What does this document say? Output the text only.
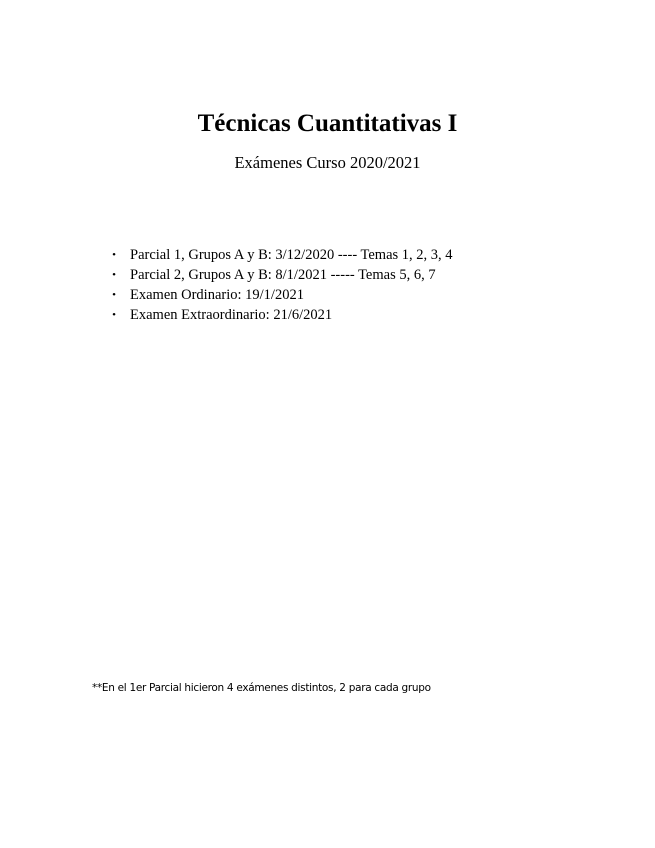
Técnicas Cuantitativas I

Exámenes Curso 2020/2021

• Parcial 1, Grupos A y B: 3/12/2020 ---- Temas 1, 2, 3, 4
• Parcial 2, Grupos A y B: 8/1/2021 ----- Temas 5, 6, 7
• Examen Ordinario: 19/1/2021
• Examen Extraordinario: 21/6/2021

**En el 1er Parcial hicieron 4 exámenes distintos, 2 para cada grupo
